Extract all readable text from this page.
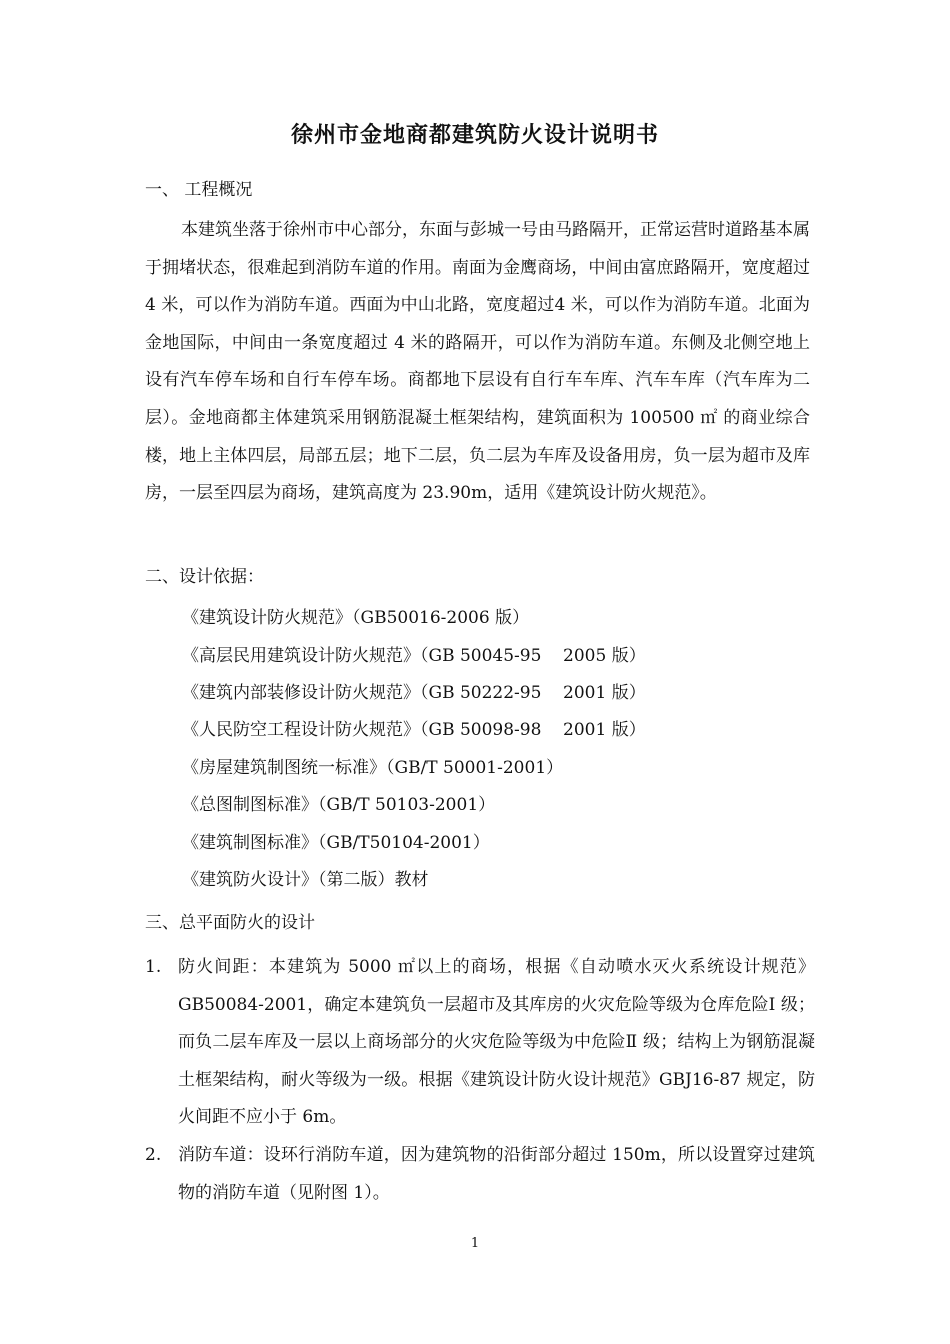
徐州市金地商都建筑防火设计说明书
一、 工程概况

本建筑坐落于徐州市中心部分，东面与彭城一号由马路隔开，正常运营时道路基本属于拥堵状态，很难起到消防车道的作用。南面为金鹰商场，中间由富庶路隔开，宽度超过 4 米，可以作为消防车道。西面为中山北路，宽度超过4 米，可以作为消防车道。北面为金地国际，中间由一条宽度超过 4 米的路隔开，可以作为消防车道。东侧及北侧空地上设有汽车停车场和自行车停车场。商都地下层设有自行车车库、汽车车库（汽车库为二层）。金地商都主体建筑采用钢筋混凝土框架结构，建筑面积为 100500 ㎡ 的商业综合楼，地上主体四层，局部五层；地下二层，负二层为车库及设备用房，负一层为超市及库房，一层至四层为商场，建筑高度为 23.90m，适用《建筑设计防火规范》。

二、设计依据：
《建筑设计防火规范》（GB50016-2006 版）
《高层民用建筑设计防火规范》（GB 50045-95    2005 版）
《建筑内部装修设计防火规范》（GB 50222-95    2001 版）
《人民防空工程设计防火规范》（GB 50098-98    2001 版）
《房屋建筑制图统一标准》（GB/T 50001-2001）
《总图制图标准》（GB/T 50103-2001）
《建筑制图标准》（GB/T50104-2001）
《建筑防火设计》（第二版）教材
三、总平面防火的设计
1. 防火间距：本建筑为 5000 ㎡以上的商场，根据《自动喷水灭火系统设计规范》GB50084-2001，确定本建筑负一层超市及其库房的火灾危险等级为仓库危险Ⅰ 级；而负二层车库及一层以上商场部分的火灾危险等级为中危险Ⅱ 级；结构上为钢筋混凝土框架结构，耐火等级为一级。根据《建筑设计防火设计规范》GBJ16-87 规定，防火间距不应小于 6m。
2. 消防车道：设环行消防车道，因为建筑物的沿街部分超过 150m，所以设置穿过建筑物的消防车道（见附图 1）。
1
